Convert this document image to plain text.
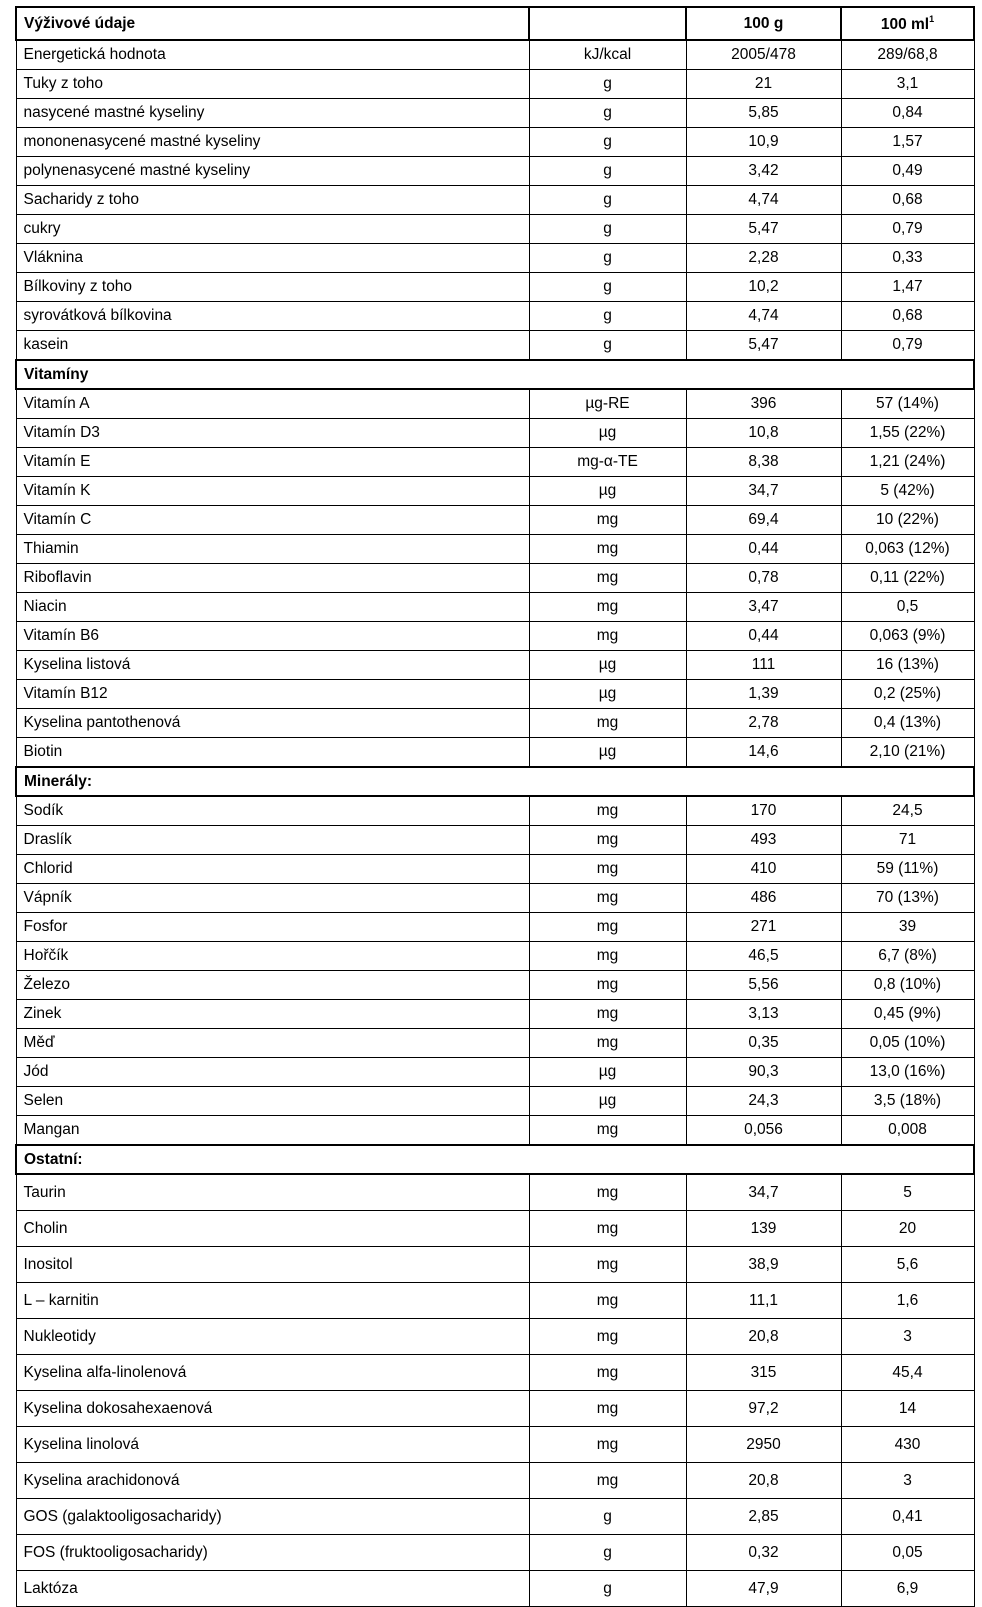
Výživové údaje		100 g	100 $ml^1$
Energetická hodnota	kJ/kcal	2005/478	289/68,8
Tuky z toho	g	21	3,1
nasycené mastné kyseliny	g	5,85	0,84
mononenasycené mastné kyseliny	g	10,9	1,57
polynenasycené mastné kyseliny	g	3,42	0,49
Sacharidy z toho	g	4,74	0,68
cukry	g	5,47	0,79
Vláknina	g	2,28	0,33
Bílkoviny z toho	g	10,2	1,47
syrovátková bílkovina	g	4,74	0,68
kasein	g	5,47	0,79
Vitamíny			
Vitamín A	µg-RE	396	57 (14%)
Vitamín D3	µg	10,8	1,55 (22%)
Vitamín E	mg-α-TE	8,38	1,21 (24%)
Vitamín K	µg	34,7	5 (42%)
Vitamín C	mg	69,4	10 (22%)
Thiamin	mg	0,44	0,063 (12%)
Riboflavin	mg	0,78	0,11 (22%)
Niacin	mg	3,47	0,5
Vitamín B6	mg	0,44	0,063 (9%)
Kyselina listová	µg	111	16 (13%)
Vitamín B12	µg	1,39	0,2 (25%)
Kyselina pantothenová	mg	2,78	0,4 (13%)
Biotin	µg	14,6	2,10 (21%)
Minerály:			
Sodík	mg	170	24,5
Draslík	mg	493	71
Chlorid	mg	410	59 (11%)
Vápník	mg	486	70 (13%)
Fosfor	mg	271	39
Hořčík	mg	46,5	6,7 (8%)
Železo	mg	5,56	0,8 (10%)
Zinek	mg	3,13	0,45 (9%)
Měď	mg	0,35	0,05 (10%)
Jód	µg	90,3	13,0 (16%)
Selen	µg	24,3	3,5 (18%)
Mangan	mg	0,056	0,008
Ostatní:			
Taurin	mg	34,7	5
Cholin	mg	139	20
Inositol	mg	38,9	5,6
L – karnitin	mg	11,1	1,6
Nukleotidy	mg	20,8	3
Kyselina alfa-linolenová	mg	315	45,4
Kyselina dokosahexaenová	mg	97,2	14
Kyselina linolová	mg	2950	430
Kyselina arachidonová	mg	20,8	3
GOS (galaktooligosacharidy)	g	2,85	0,41
FOS (fruktooligosacharidy)	g	0,32	0,05
Laktóza	g	47,9	6,9
